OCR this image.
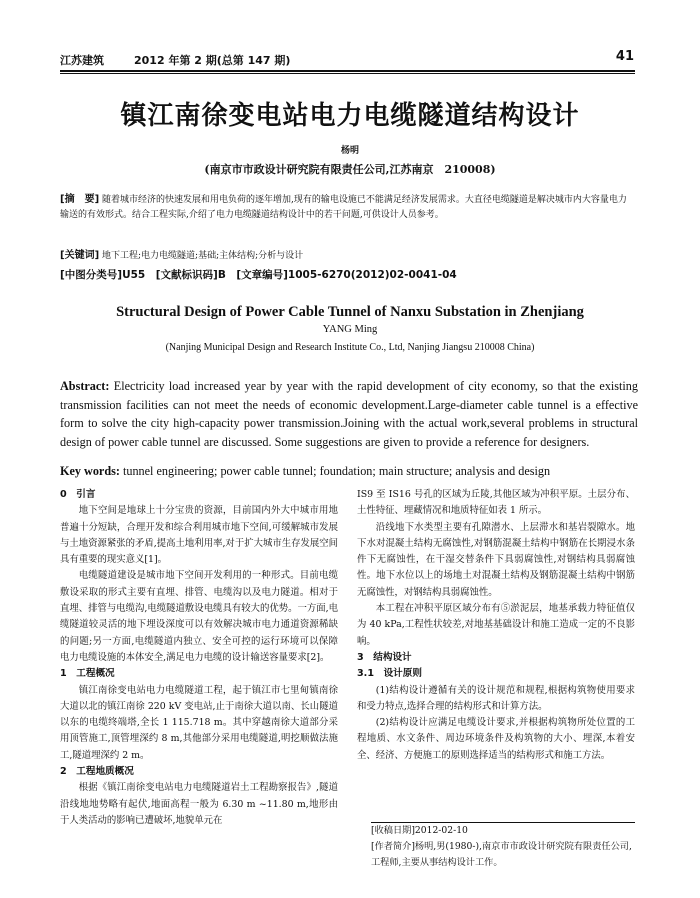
江苏建筑	2012 年第 2 期(总第 147 期)	41
镇江南徐变电站电力电缆隧道结构设计
杨明
(南京市市政设计研究院有限责任公司,江苏南京　210008)
[摘　要] 随着城市经济的快速发展和用电负荷的逐年增加,现有的输电设施已不能满足经济发展需求。大直径电缆隧道是解决城市内大容量电力输送的有效形式。结合工程实际,介绍了电力电缆隧道结构设计中的若干问题,可供设计人员参考。
[关键词] 地下工程;电力电缆隧道;基础;主体结构;分析与设计
[中图分类号]U55　[文献标识码]B　[文章编号]1005-6270(2012)02-0041-04
Structural Design of Power Cable Tunnel of Nanxu Substation in Zhenjiang
YANG Ming
(Nanjing Municipal Design and Research Institute Co., Ltd, Nanjing Jiangsu 210008 China)
Abstract: Electricity load increased year by year with the rapid development of city economy, so that the existing transmission facilities can not meet the needs of economic development.Large-diameter cable tunnel is a effective form to solve the city high-capacity power transmission.Joining with the actual work,several problems in structural design of power cable tunnel are discussed. Some suggestions are given to provide a reference for designers.
Key words: tunnel engineering; power cable tunnel; foundation; main structure; analysis and design

0　引言

地下空间是地球上十分宝贵的资源，目前国内外大中城市用地普遍十分短缺，合理开发和综合利用城市地下空间,可缓解城市发展与土地资源紧张的矛盾,提高土地利用率,对于扩大城市生存发展空间具有重要的现实意义[1]。

电缆隧道建设是城市地下空间开发利用的一种形式。目前电缆敷设采取的形式主要有直埋、排管、电缆沟以及电力隧道。相对于直埋、排管与电缆沟,电缆隧道敷设电缆具有较大的优势。一方面,电缆隧道较灵活的地下埋设深度可以有效解决城市电力通道资源稀缺的问题;另一方面,电缆隧道内独立、安全可控的运行环境可以保障电力电缆设施的本体安全,满足电力电缆的设计输送容量要求[2]。

1　工程概况

镇江南徐变电站电力电缆隧道工程，起于镇江市七里甸镇南徐大道以北的镇江南徐 220 kV 变电站,止于南徐大道以南、长山隧道以东的电缆终端塔,全长 1 115.718 m。其中穿越南徐大道部分采用顶管施工,顶管埋深约 8 m,其他部分采用电缆隧道,明挖顺做法施工,隧道埋深约 2 m。

2　工程地质概况

根据《镇江南徐变电站电力电缆隧道岩土工程勘察报告》,隧道沿线地地势略有起伏,地面高程一般为 6.30 m ~11.80 m,地形由于人类活动的影响已遭破坏,地貌单元在

IS9 至 IS16 号孔的区域为丘陵,其他区域为冲积平原。土层分布、土性特征、埋藏情况和地质特征如表 1 所示。

沿线地下水类型主要有孔隙潜水、上层滞水和基岩裂隙水。地下水对混凝土结构无腐蚀性,对钢筋混凝土结构中钢筋在长期浸水条件下无腐蚀性，在干湿交替条件下具弱腐蚀性,对钢结构具弱腐蚀性。地下水位以上的场地土对混凝土结构及钢筋混凝土结构中钢筋无腐蚀性，对钢结构具弱腐蚀性。

本工程在冲积平原区域分布有⑤淤泥层，地基承载力特征值仅为 40 kPa,工程性状较差,对地基基础设计和施工造成一定的不良影响。

3　结构设计

3.1　设计原则

(1)结构设计遵循有关的设计规范和规程,根据构筑物使用要求和受力特点,选择合理的结构形式和计算方法。

(2)结构设计应满足电缆设计要求,并根据构筑物所处位置的工程地质、水文条件、周边环境条件及构筑物的大小、埋深,本着安全、经济、方便施工的原则选择适当的结构形式和施工方法。

[收稿日期]2012-02-10
[作者简介]杨明,男(1980-),南京市市政设计研究院有限责任公司,工程师,主要从事结构设计工作。
